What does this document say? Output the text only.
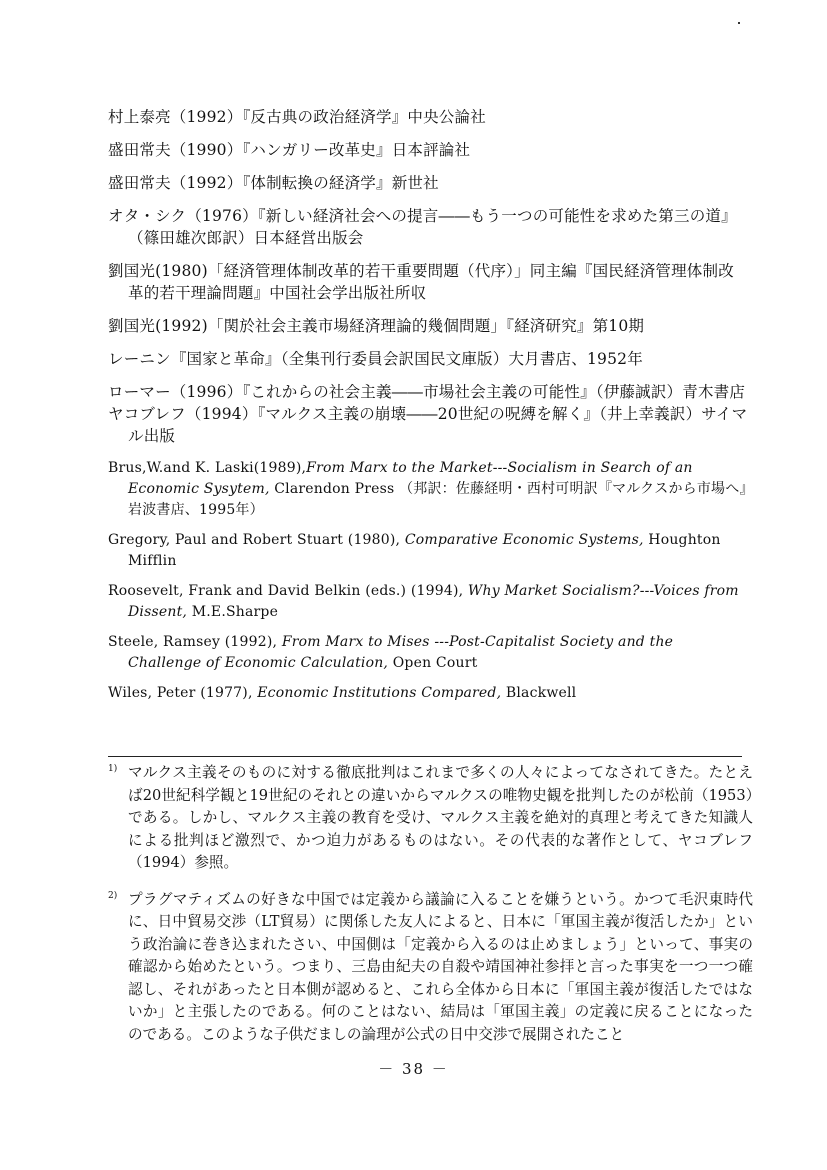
村上泰亮（1992）『反古典の政治経済学』中央公論社
盛田常夫（1990）『ハンガリー改革史』日本評論社
盛田常夫（1992）『体制転換の経済学』新世社
オタ・シク（1976）『新しい経済社会への提言――もう一つの可能性を求めた第三の道』（篠田雄次郎訳）日本経営出版会
劉国光(1980)「経済管理体制改革的若干重要問題（代序）」同主編『国民経済管理体制改革的若干理論問題』中国社会学出版社所収
劉国光(1992)「関於社会主義市場経済理論的幾個問題」『経済研究』第10期
レーニン『国家と革命』（全集刊行委員会訳国民文庫版）大月書店、1952年
ローマー（1996）『これからの社会主義――市場社会主義の可能性』（伊藤誠訳）青木書店
ヤコブレフ（1994）『マルクス主義の崩壊――20世紀の呪縛を解く』（井上幸義訳）サイマル出版
Brus,W.and K. Laski(1989),From Marx to the Market---Socialism in Search of an Economic Sysytem, Clarendon Press （邦訳：佐藤経明・西村可明訳『マルクスから市場へ』岩波書店、1995年）
Gregory, Paul and Robert Stuart (1980), Comparative Economic Systems, Houghton Mifflin
Roosevelt, Frank and David Belkin (eds.) (1994), Why Market Socialism?---Voices from Dissent, M.E.Sharpe
Steele, Ramsey (1992), From Marx to Mises ---Post-Capitalist Society and the Challenge of Economic Calculation, Open Court
Wiles, Peter (1977), Economic Institutions Compared, Blackwell
1) マルクス主義そのものに対する徹底批判はこれまで多くの人々によってなされてきた。たとえば20世紀科学観と19世紀のそれとの違いからマルクスの唯物史観を批判したのが松前（1953）である。しかし、マルクス主義の教育を受け、マルクス主義を絶対的真理と考えてきた知識人による批判ほど激烈で、かつ迫力があるものはない。その代表的な著作として、ヤコブレフ（1994）参照。
2) プラグマティズムの好きな中国では定義から議論に入ることを嫌うという。かつて毛沢東時代に、日中貿易交渉（LT貿易）に関係した友人によると、日本に「軍国主義が復活したか」という政治論に巻き込まれたさい、中国側は「定義から入るのは止めましょう」といって、事実の確認から始めたという。つまり、三島由紀夫の自殺や靖国神社参拝と言った事実を一つ一つ確認し、それがあったと日本側が認めると、これら全体から日本に「軍国主義が復活したではないか」と主張したのである。何のことはない、結局は「軍国主義」の定義に戻ることになったのである。このような子供だましの論理が公式の日中交渉で展開されたこと
－ 38 －
